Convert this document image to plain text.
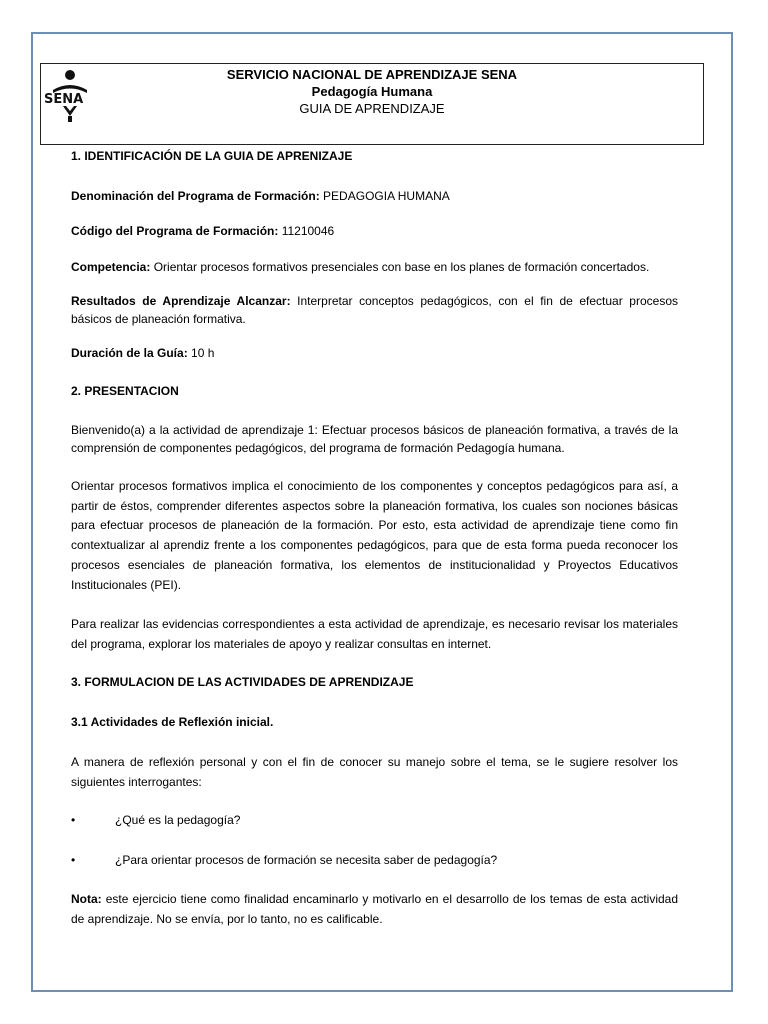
SENA
SERVICIO NACIONAL DE APRENDIZAJE SENA
Pedagogía Humana
GUIA DE APRENDIZAJE

1. IDENTIFICACIÓN DE LA GUIA DE APRENIZAJE

Denominación del Programa de Formación: PEDAGOGIA HUMANA

Código del Programa de Formación: 11210046

Competencia: Orientar procesos formativos presenciales con base en los planes de formación concertados.

Resultados de Aprendizaje Alcanzar: Interpretar conceptos pedagógicos, con el fin de efectuar procesos básicos de planeación formativa.

Duración de la Guía: 10 h

2. PRESENTACION

Bienvenido(a) a la actividad de aprendizaje 1: Efectuar procesos básicos de planeación formativa, a través de la comprensión de componentes pedagógicos, del programa de formación Pedagogía humana.

Orientar procesos formativos implica el conocimiento de los componentes y conceptos pedagógicos para así, a partir de éstos, comprender diferentes aspectos sobre la planeación formativa, los cuales son nociones básicas para efectuar procesos de planeación de la formación. Por esto, esta actividad de aprendizaje tiene como fin contextualizar al aprendiz frente a los componentes pedagógicos, para que de esta forma pueda reconocer los procesos esenciales de planeación formativa, los elementos de institucionalidad y Proyectos Educativos Institucionales (PEI).

Para realizar las evidencias correspondientes a esta actividad de aprendizaje, es necesario revisar los materiales del programa, explorar los materiales de apoyo y realizar consultas en internet.

3. FORMULACION DE LAS ACTIVIDADES DE APRENDIZAJE

3.1 Actividades de Reflexión inicial.

A manera de reflexión personal y con el fin de conocer su manejo sobre el tema, se le sugiere resolver los siguientes interrogantes:

•	¿Qué es la pedagogía?
•	¿Para orientar procesos de formación se necesita saber de pedagogía?

Nota: este ejercicio tiene como finalidad encaminarlo y motivarlo en el desarrollo de los temas de esta actividad de aprendizaje. No se envía, por lo tanto, no es calificable.
